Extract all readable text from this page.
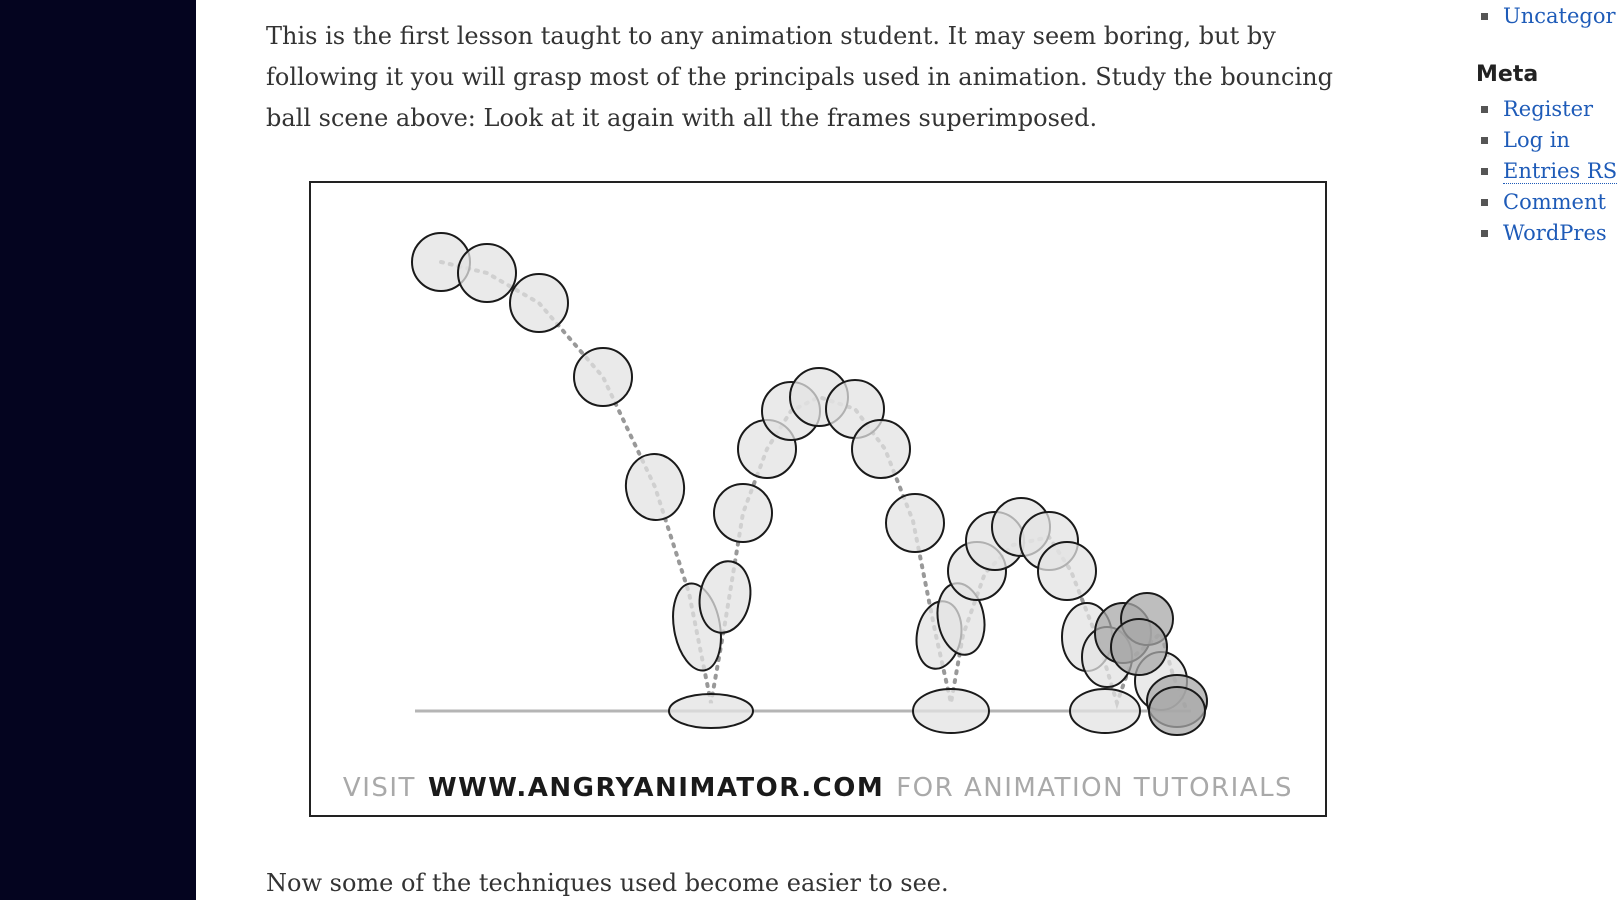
This is the first lesson taught to any animation student. It may seem boring, but by following it you will grasp most of the principals used in animation. Study the bouncing ball scene above: Look at it again with all the frames superimposed.

Now some of the techniques used become easier to see.

VISIT WWW.ANGRYANIMATOR.COM FOR ANIMATION TUTORIALS
Uncategor
Meta
Register
Log in
Entries RS
Comment
WordPres
